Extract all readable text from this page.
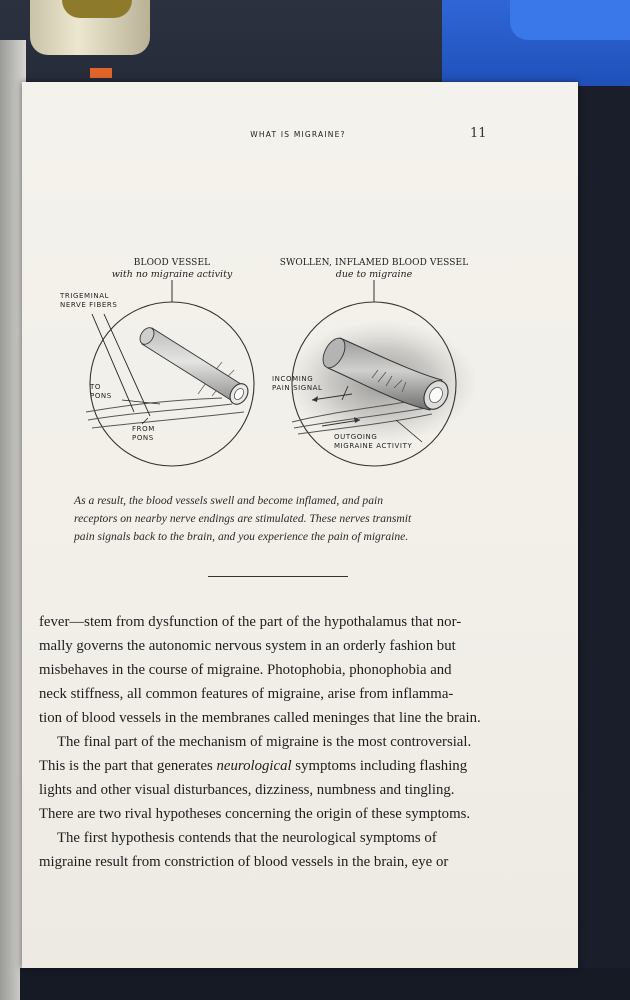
WHAT IS MIGRAINE?	11
BLOOD VESSEL
with no migraine activity
SWOLLEN, INFLAMED BLOOD VESSEL
due to migraine
TRIGEMINAL
NERVE FIBERS
TO
PONS
FROM
PONS
INCOMING
PAIN SIGNAL
OUTGOING
MIGRAINE ACTIVITY
As a result, the blood vessels swell and become inflamed, and pain
receptors on nearby nerve endings are stimulated. These nerves transmit
pain signals back to the brain, and you experience the pain of migraine.
fever—stem from dysfunction of the part of the hypothalamus that nor-
mally governs the autonomic nervous system in an orderly fashion but
misbehaves in the course of migraine. Photophobia, phonophobia and
neck stiffness, all common features of migraine, arise from inflamma-
tion of blood vessels in the membranes called meninges that line the brain.
The final part of the mechanism of migraine is the most controversial.
This is the part that generates neurological symptoms including flashing
lights and other visual disturbances, dizziness, numbness and tingling.
There are two rival hypotheses concerning the origin of these symptoms.
The first hypothesis contends that the neurological symptoms of
migraine result from constriction of blood vessels in the brain, eye or
